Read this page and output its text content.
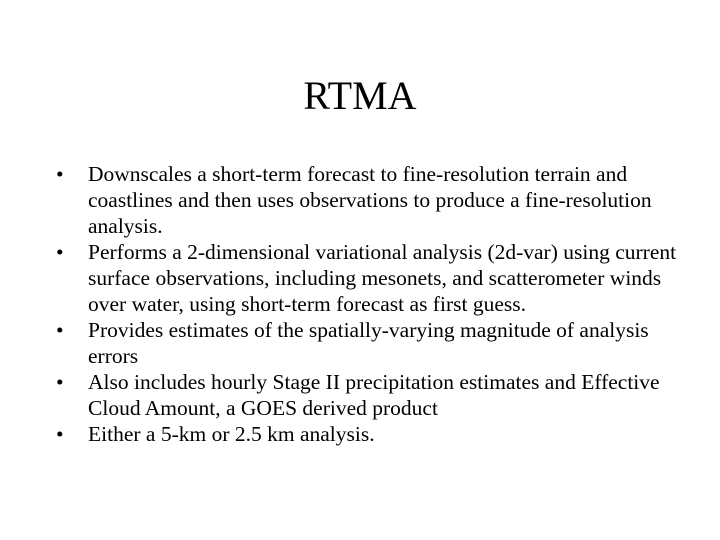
RTMA
•	Downscales a short-term forecast to fine-resolution terrain and coastlines and then uses observations to produce a fine-resolution analysis.
•	Performs a 2-dimensional variational analysis (2d-var) using current surface observations, including mesonets, and scatterometer winds over water, using short-term forecast as first guess.
•	Provides estimates of the spatially-varying magnitude of analysis errors
•	Also includes hourly Stage II precipitation estimates and Effective Cloud Amount, a GOES derived product
•	Either a 5-km or 2.5 km analysis.
